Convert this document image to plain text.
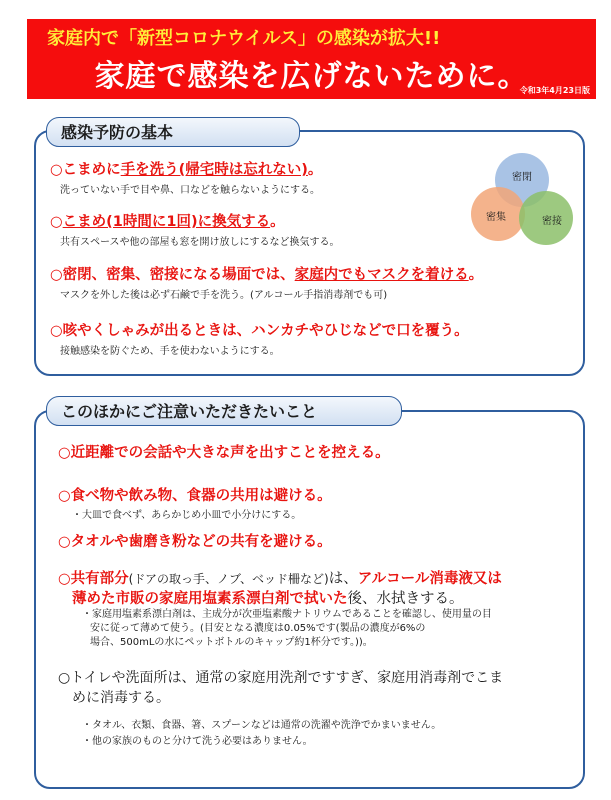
家庭内で「新型コロナウイルス」の感染が拡大!!
家庭で感染を広げないために。
令和3年4月23日版
感染予防の基本
○こまめに手を洗う(帰宅時は忘れない)。
洗っていない手で目や鼻、口などを触らないようにする。
○こまめ(1時間に1回)に換気する。
共有スペースや他の部屋も窓を開け放しにするなど換気する。
○密閉、密集、密接になる場面では、家庭内でもマスクを着ける。
マスクを外した後は必ず石鹸で手を洗う。(アルコール手指消毒剤でも可)
○咳やくしゃみが出るときは、ハンカチやひじなどで口を覆う。
接触感染を防ぐため、手を使わないようにする。
密閉
密集	密接
このほかにご注意いただきたいこと
○近距離での会話や大きな声を出すことを控える。
○食べ物や飲み物、食器の共用は避ける。
・大皿で食べず、あらかじめ小皿で小分けにする。
○タオルや歯磨き粉などの共有を避ける。
○共有部分(ドアの取っ手、ノブ、ベッド柵など)は、アルコール消毒液又は
薄めた市販の家庭用塩素系漂白剤で拭いた後、水拭きする。
・家庭用塩素系漂白剤は、主成分が次亜塩素酸ナトリウムであることを確認し、使用量の目
安に従って薄めて使う。(目安となる濃度は0.05%です(製品の濃度が6%の
場合、500mLの水にペットボトルのキャップ約1杯分です。))。
○トイレや洗面所は、通常の家庭用洗剤ですすぎ、家庭用消毒剤でこま
めに消毒する。
・タオル、衣類、食器、箸、スプーンなどは通常の洗濯や洗浄でかまいません。
・他の家族のものと分けて洗う必要はありません。
